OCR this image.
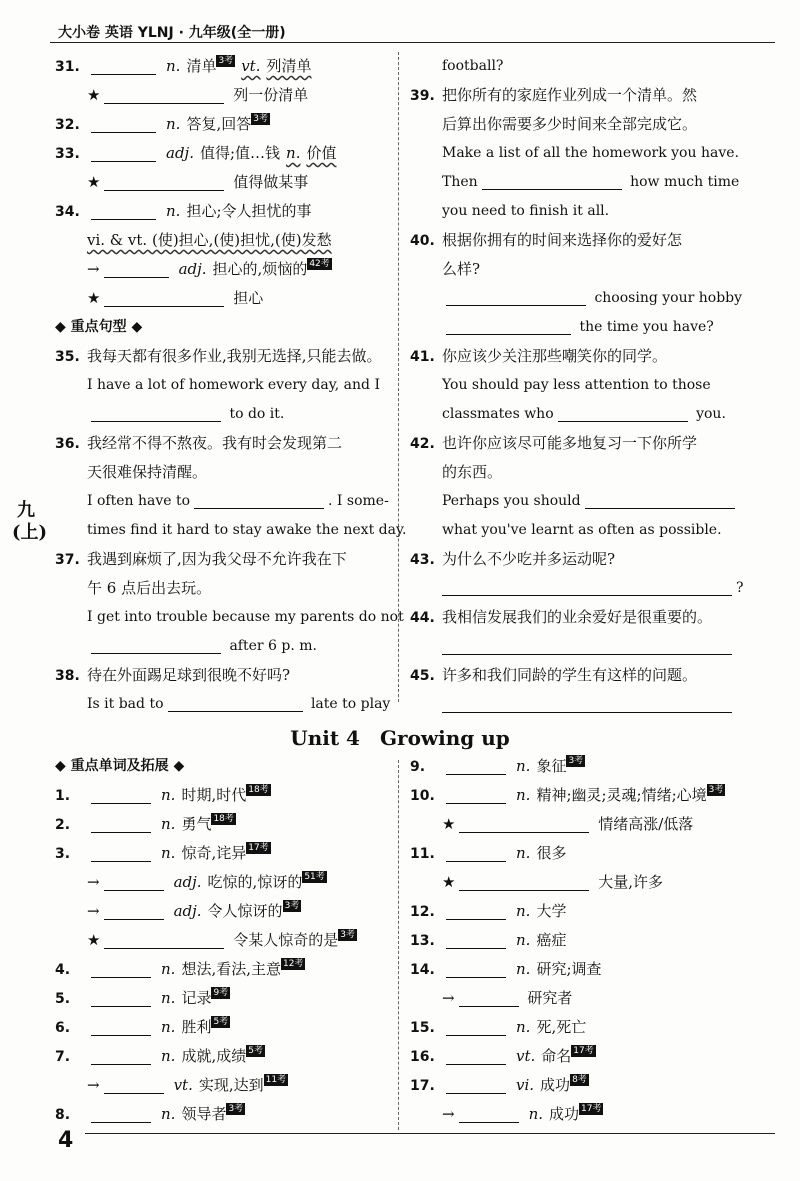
大小卷 英语 YLNJ · 九年级(全一册)
九(上)
31.	n. 清单 3考 vt. 列清单
★	列一份清单
32.	n. 答复,回答 3考
33.	adj. 值得;值…钱 n. 价值
★	值得做某事
34.	n. 担心;令人担忧的事
vi. & vt. (使)担心,(使)担忧,(使)发愁
→	adj. 担心的,烦恼的 42考
★	担心
◆ 重点句型 ◆
35. 我每天都有很多作业,我别无选择,只能去做。
I have a lot of homework every day, and I
to do it.
36. 我经常不得不熬夜。我有时会发现第二
天很难保持清醒。
I often have to	. I some-
times find it hard to stay awake the next day.
37. 我遇到麻烦了,因为我父母不允许我在下
午 6 点后出去玩。
I get into trouble because my parents do not
after 6 p. m.
38. 待在外面踢足球到很晚不好吗?
Is it bad to	late to play
football?
39. 把你所有的家庭作业列成一个清单。然
后算出你需要多少时间来全部完成它。
Make a list of all the homework you have.
Then	how much time
you need to finish it all.
40. 根据你拥有的时间来选择你的爱好怎
么样?
choosing your hobby
the time you have?
41. 你应该少关注那些嘲笑你的同学。
You should pay less attention to those
classmates who	you.
42. 也许你应该尽可能多地复习一下你所学
的东西。
Perhaps you should
what you've learnt as often as possible.
43. 为什么不少吃并多运动呢?
?
44. 我相信发展我们的业余爱好是很重要的。
45. 许多和我们同龄的学生有这样的问题。
Unit 4　Growing up
◆ 重点单词及拓展 ◆
1.	n. 时期,时代 18考
2.	n. 勇气 18考
3.	n. 惊奇,诧异 17考
→	adj. 吃惊的,惊讶的 51考
→	adj. 令人惊讶的 3考
★	令某人惊奇的是 3考
4.	n. 想法,看法,主意 12考
5.	n. 记录 9考
6.	n. 胜利 5考
7.	n. 成就,成绩 5考
→	vt. 实现,达到 11考
8.	n. 领导者 3考
9.	n. 象征 3考
10.	n. 精神;幽灵;灵魂;情绪;心境 3考
★	情绪高涨/低落
11.	n. 很多
★	大量,许多
12.	n. 大学
13.	n. 癌症
14.	n. 研究;调查
→	研究者
15.	n. 死,死亡
16.	vt. 命名 17考
17.	vi. 成功 8考
→	n. 成功 17考
4
